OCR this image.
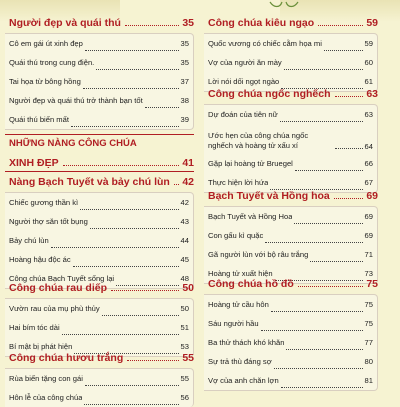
Người đẹp và quái thú	35
Cô em gái út xinh đẹp	35
Quái thú trong cung điện.	35
Tai họa từ bông hồng	37
Người đẹp và quái thú trở thành bạn tốt	38
Quái thú biến mất	39
NHỮNG NÀNG CÔNG CHÚA
XINH ĐẸP	41
Nàng Bạch Tuyết và bảy chú lùn 42
Chiếc gương thần kì	42
Người thợ săn tốt bụng	43
Bảy chú lùn	44
Hoàng hậu độc ác	45
Công chúa Bạch Tuyết sống lại	48
Công chúa rau diếp	50
Vườn rau của mụ phù thủy	50
Hai bím tóc dài	51
Bí mật bị phát hiện	53
Công chúa hươu trắng	55
Rùa biến tặng con gái	55
Hôn lễ của công chúa	56
Công chúa kiêu ngạo	59
Quốc vương có chiếc cằm họa mi	59
Vợ của người ăn mày	60
Lời nói dối ngọt ngào	61
Công chúa ngốc nghếch	63
Dự đoán của tiên nữ	63
Ước hẹn của công chúa ngốc nghếch và hoàng tử xấu xí	64
Gặp lại hoàng tử Bruegel	66
Thực hiện lời hứa	67
Bạch Tuyết và Hồng hoa	69
Bạch Tuyết và Hồng Hoa	69
Con gấu kì quặc	69
Gã người lùn với bộ râu trắng	71
Hoàng tử xuất hiện	73
Công chúa hồ đồ	75
Hoàng tử cầu hôn	75
Sáu người hầu	75
Ba thử thách khó khăn	77
Sự trả thù đáng sợ	80
Vợ của anh chăn lợn	81
